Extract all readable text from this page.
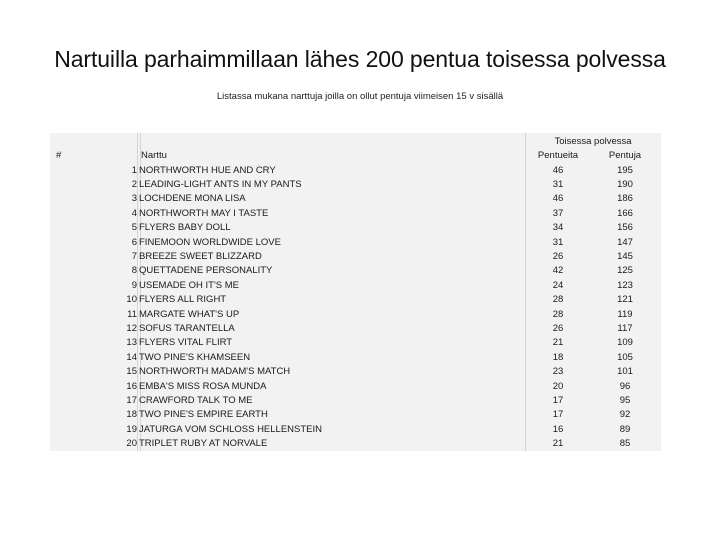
Nartuilla parhaimmillaan lähes 200 pentua toisessa polvessa
Listassa mukana narttuja joilla on ollut pentuja viimeisen 15 v sisällä
Toisessa polvessa
#	Narttu	Pentueita	Pentuja
1 NORTHWORTH HUE AND CRY	46	195
2 LEADING-LIGHT ANTS IN MY PANTS	31	190
3 LOCHDENE MONA LISA	46	186
4 NORTHWORTH MAY I TASTE	37	166
5 FLYERS BABY DOLL	34	156
6 FINEMOON WORLDWIDE LOVE	31	147
7 BREEZE SWEET BLIZZARD	26	145
8 QUETTADENE PERSONALITY	42	125
9 USEMADE OH IT'S ME	24	123
10 FLYERS ALL RIGHT	28	121
11 MARGATE WHAT'S UP	28	119
12 SOFUS TARANTELLA	26	117
13 FLYERS VITAL FLIRT	21	109
14 TWO PINE'S KHAMSEEN	18	105
15 NORTHWORTH MADAM'S MATCH	23	101
16 EMBA'S MISS ROSA MUNDA	20	96
17 CRAWFORD TALK TO ME	17	95
18 TWO PINE'S EMPIRE EARTH	17	92
19 JATURGA VOM SCHLOSS HELLENSTEIN	16	89
20 TRIPLET RUBY AT NORVALE	21	85
